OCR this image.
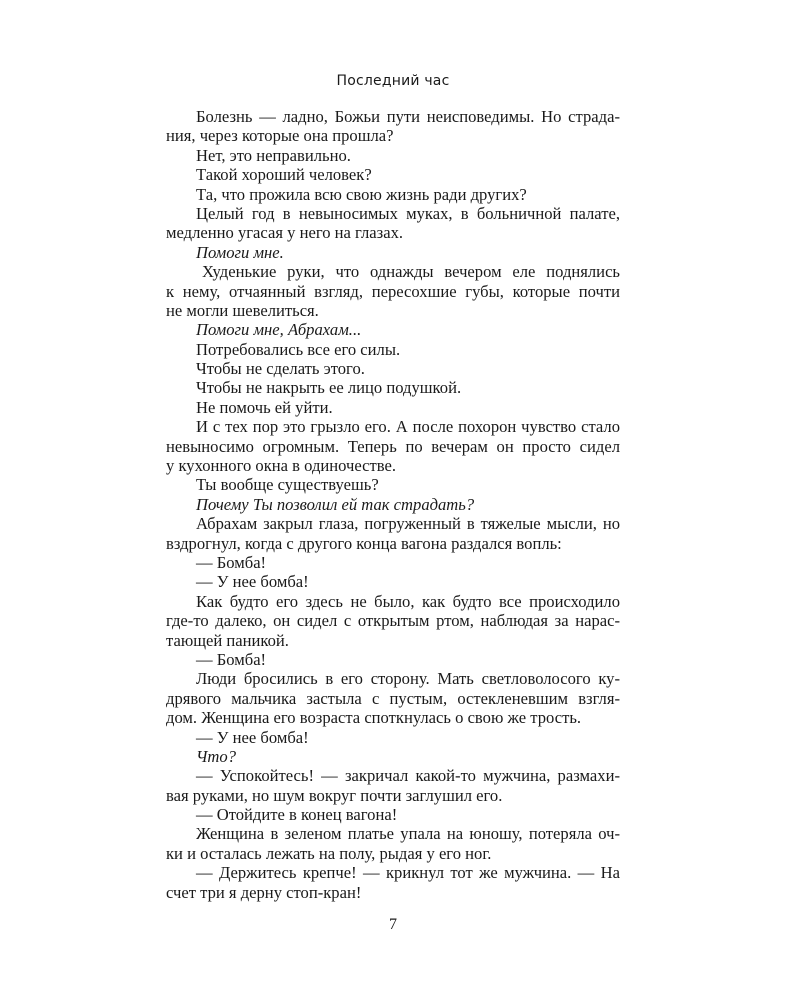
Последний час
Болезнь — ладно, Божьи пути неисповедимы. Но страда-
ния, через которые она прошла?
Нет, это неправильно.
Такой хороший человек?
Та, что прожила всю свою жизнь ради других?
Целый год в невыносимых муках, в больничной палате,
медленно угасая у него на глазах.
Помоги мне.
Худенькие руки, что однажды вечером еле поднялись
к нему, отчаянный взгляд, пересохшие губы, которые почти
не могли шевелиться.
Помоги мне, Абрахам...
Потребовались все его силы.
Чтобы не сделать этого.
Чтобы не накрыть ее лицо подушкой.
Не помочь ей уйти.
И с тех пор это грызло его. А после похорон чувство стало
невыносимо огромным. Теперь по вечерам он просто сидел
у кухонного окна в одиночестве.
Ты вообще существуешь?
Почему Ты позволил ей так страдать?
Абрахам закрыл глаза, погруженный в тяжелые мысли, но
вздрогнул, когда с другого конца вагона раздался вопль:
— Бомба!
— У нее бомба!
Как будто его здесь не было, как будто все происходило
где-то далеко, он сидел с открытым ртом, наблюдая за нарас-
тающей паникой.
— Бомба!
Люди бросились в его сторону. Мать светловолосого ку-
дрявого мальчика застыла с пустым, остекленевшим взгля-
дом. Женщина его возраста споткнулась о свою же трость.
— У нее бомба!
Что?
— Успокойтесь! — закричал какой-то мужчина, размахи-
вая руками, но шум вокруг почти заглушил его.
— Отойдите в конец вагона!
Женщина в зеленом платье упала на юношу, потеряла оч-
ки и осталась лежать на полу, рыдая у его ног.
— Держитесь крепче! — крикнул тот же мужчина. — На
счет три я дерну стоп-кран!
7
